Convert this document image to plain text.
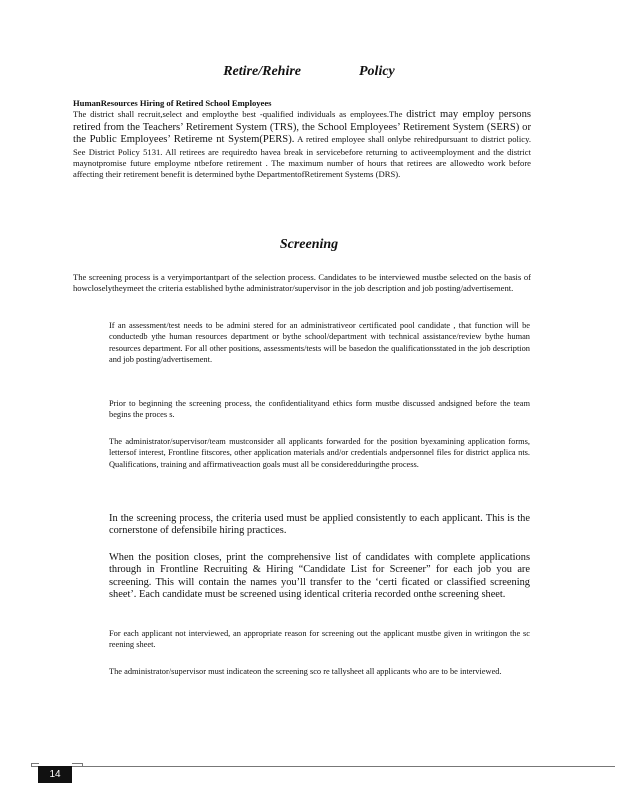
Retire/Rehire	Policy
HumanResources Hiring of Retired School Employees
The district shall recruit,select and employthe best -qualified individuals as employees.The district may employ persons retired from the Teachers’ Retirement System (TRS), the School Employees’ Retirement System (SERS) or the Public Employees’ Retireme nt System(PERS). A retired employee shall onlybe rehiredpursuant to district policy. See District Policy 5131. All retirees are requiredto havea break in servicebefore returning to activeemployment and the district maynotpromise future employme ntbefore retirement . The maximum number of hours that retirees are allowedto work before affecting their retirement benefit is determined bythe DepartmentofRetirement Systems (DRS).
Screening
The screening process is a veryimportantpart of the selection process. Candidates to be interviewed mustbe selected on the basis of howcloselytheymeet the criteria established bythe administrator/supervisor in the job description and job posting/advertisement.
If an assessment/test needs to be admini stered for an administrativeor certificated pool candidate , that function will be conductedb ythe human resources department or bythe school/department with technical assistance/review bythe human resources department. For all other positions, assessments/tests will be basedon the qualificationsstated in the job description and job posting/advertisement.
Prior to beginning the screening process, the confidentialityand ethics form mustbe discussed andsigned before the team begins the proces s.
The administrator/supervisor/team mustconsider all applicants forwarded for the position byexamining application forms, lettersof interest, Frontline fitscores, other application materials and/or credentials andpersonnel files for district applica nts. Qualifications, training and affirmativeaction goals must all be consideredduringthe process.
In the screening process, the criteria used must be applied consistently to each applicant. This is the cornerstone of defensibile hiring practices.
When the position closes, print the comprehensive list of candidates with complete applications through in Frontline Recruiting & Hiring “Candidate List for Screener” for each job you are screening. This will contain the names you’ll transfer to the ‘certi ficated or classified screening sheet’. Each candidate must be screened using identical criteria recorded onthe screening sheet.
For each applicant not interviewed, an appropriate reason for screening out the applicant mustbe given in writingon the sc reening sheet.
The administrator/supervisor must indicateon the screening sco re tallysheet all applicants who are to be interviewed.
14
